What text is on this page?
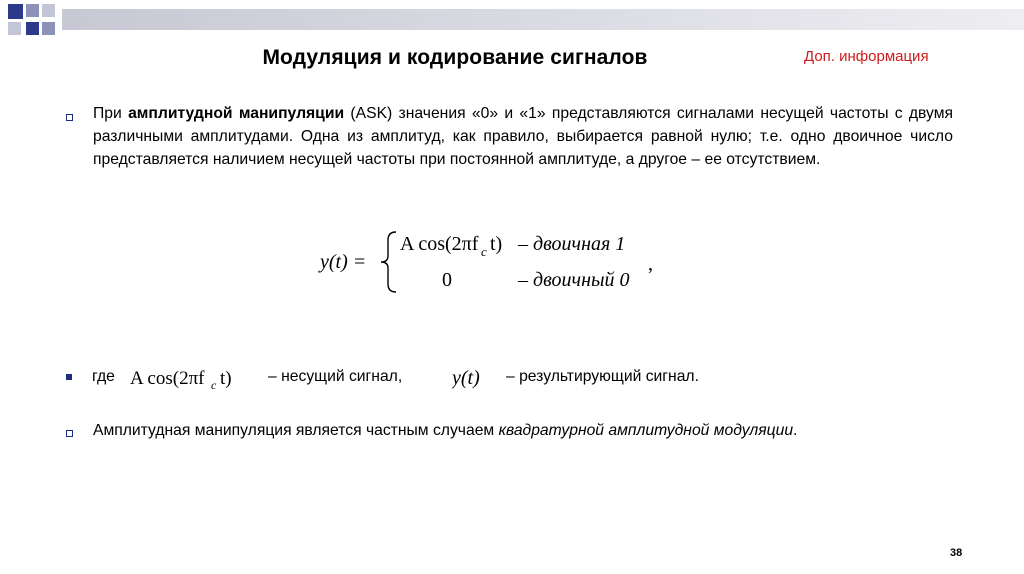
Модуляция и кодирование сигналов	Доп. информация
При амплитудной манипуляции (ASK) значения «0» и «1» представляются сигналами несущей частоты с двумя различными амплитудами. Одна из амплитуд, как правило, выбирается равной нулю; т.е. одно двоичное число представляется наличием несущей частоты при постоянной амплитуде, а другое – ее отсутствием.
y(t) =
A cos(2πf c t) – двоичная 1
0	– двоичный 0
,
где A cos(2πf c t) – несущий сигнал, y(t) – результирующий сигнал.
Амплитудная манипуляция является частным случаем квадратурной амплитудной модуляции.
38
